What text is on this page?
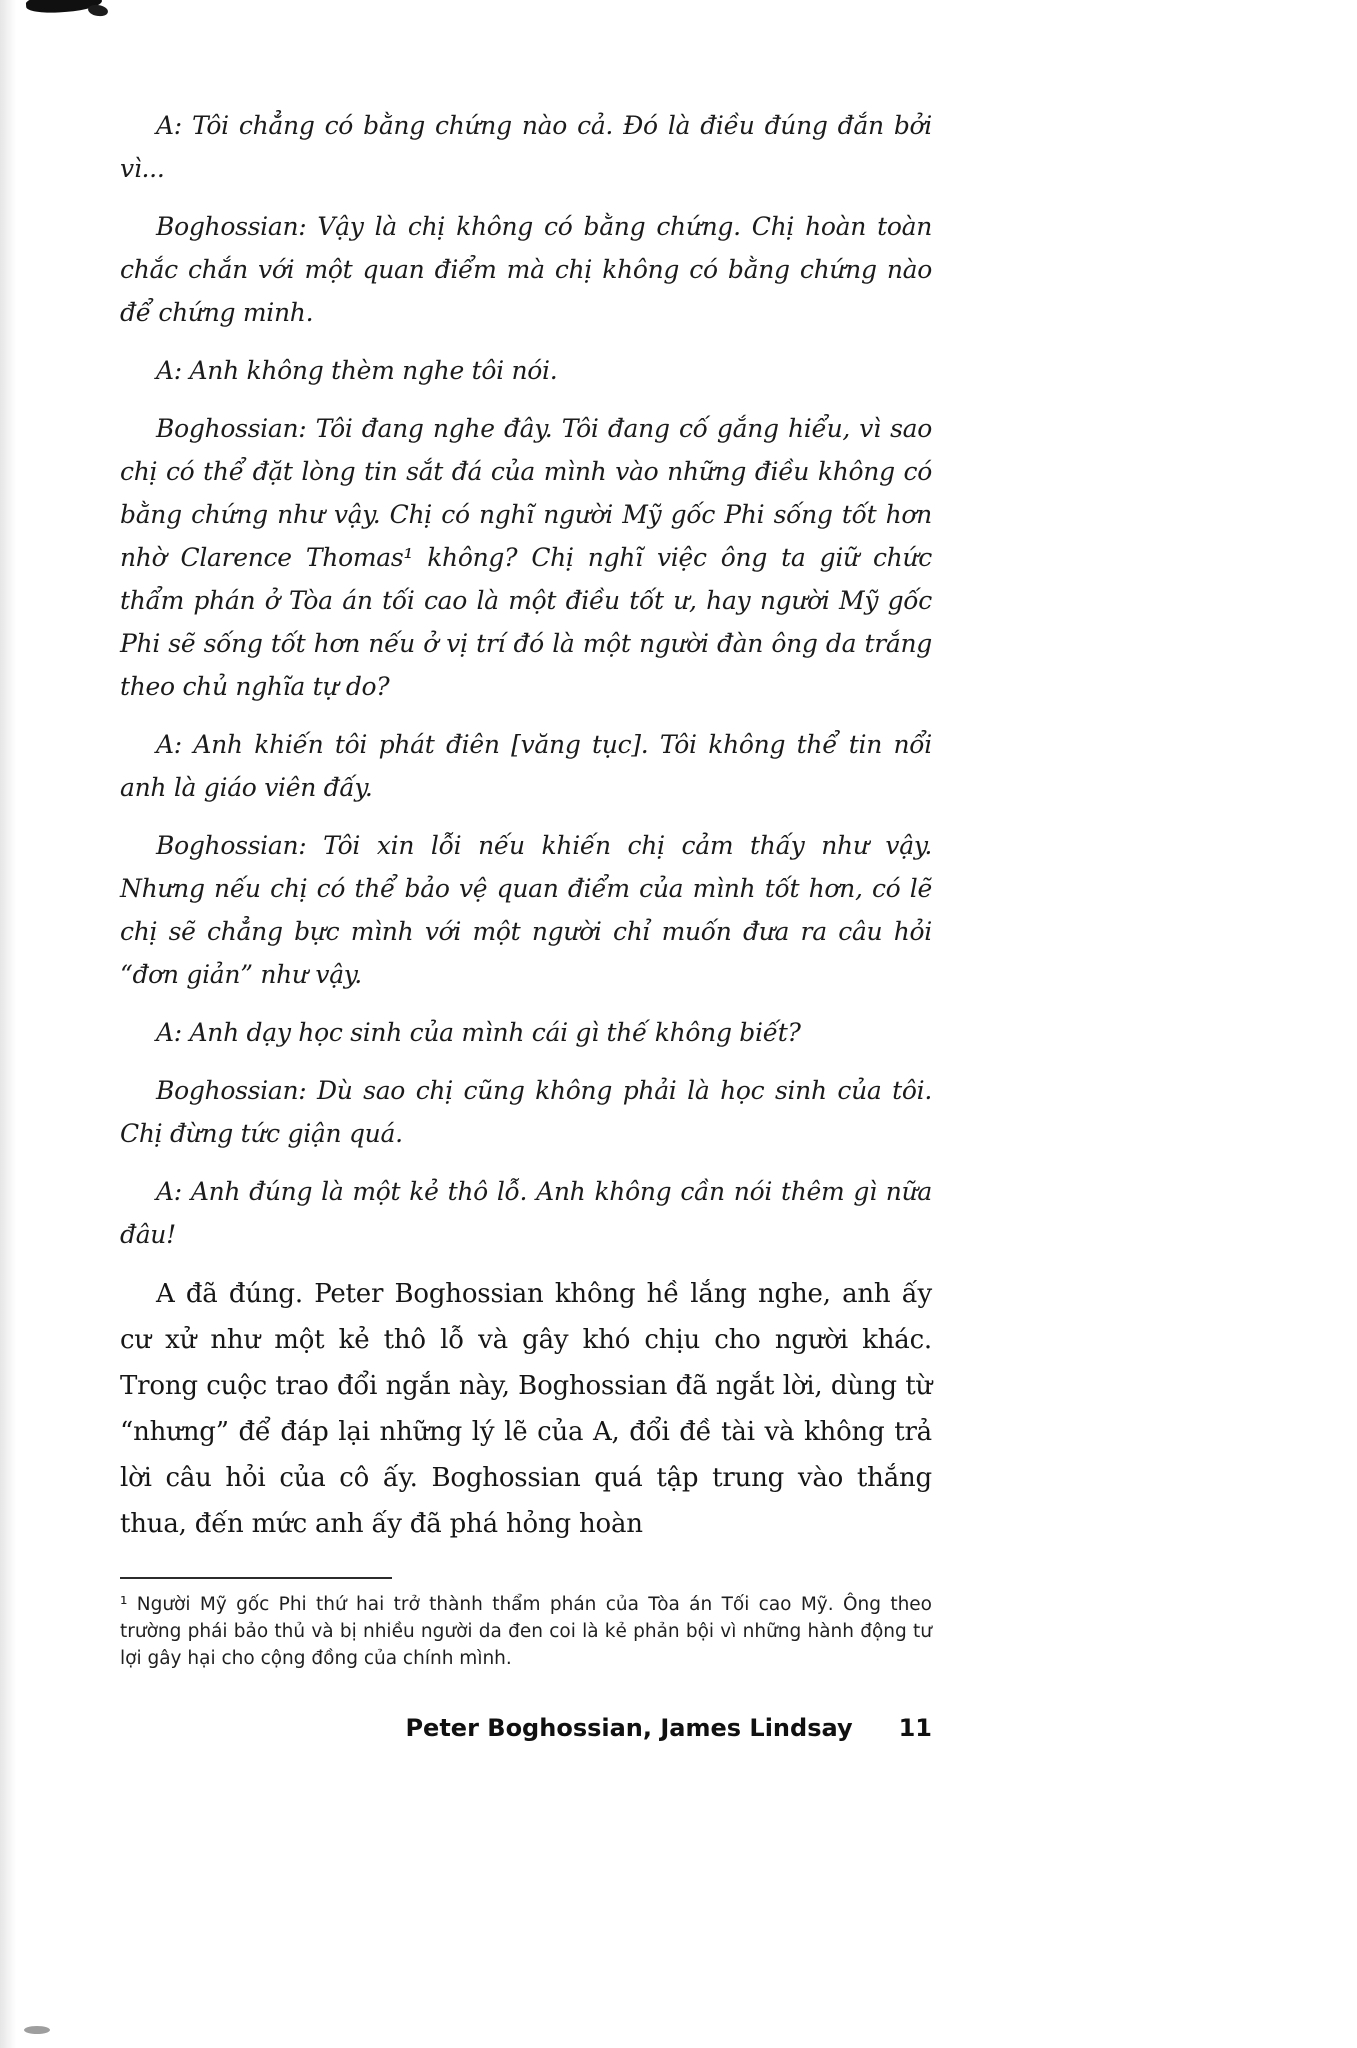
A: Tôi chẳng có bằng chứng nào cả. Đó là điều đúng đắn bởi vì...

Boghossian: Vậy là chị không có bằng chứng. Chị hoàn toàn chắc chắn với một quan điểm mà chị không có bằng chứng nào để chứng minh.

A: Anh không thèm nghe tôi nói.

Boghossian: Tôi đang nghe đây. Tôi đang cố gắng hiểu, vì sao chị có thể đặt lòng tin sắt đá của mình vào những điều không có bằng chứng như vậy. Chị có nghĩ người Mỹ gốc Phi sống tốt hơn nhờ Clarence Thomas¹ không? Chị nghĩ việc ông ta giữ chức thẩm phán ở Tòa án tối cao là một điều tốt ư, hay người Mỹ gốc Phi sẽ sống tốt hơn nếu ở vị trí đó là một người đàn ông da trắng theo chủ nghĩa tự do?

A: Anh khiến tôi phát điên [văng tục]. Tôi không thể tin nổi anh là giáo viên đấy.

Boghossian: Tôi xin lỗi nếu khiến chị cảm thấy như vậy. Nhưng nếu chị có thể bảo vệ quan điểm của mình tốt hơn, có lẽ chị sẽ chẳng bực mình với một người chỉ muốn đưa ra câu hỏi “đơn giản” như vậy.

A: Anh dạy học sinh của mình cái gì thế không biết?

Boghossian: Dù sao chị cũng không phải là học sinh của tôi. Chị đừng tức giận quá.

A: Anh đúng là một kẻ thô lỗ. Anh không cần nói thêm gì nữa đâu!

A đã đúng. Peter Boghossian không hề lắng nghe, anh ấy cư xử như một kẻ thô lỗ và gây khó chịu cho người khác. Trong cuộc trao đổi ngắn này, Boghossian đã ngắt lời, dùng từ “nhưng” để đáp lại những lý lẽ của A, đổi đề tài và không trả lời câu hỏi của cô ấy. Boghossian quá tập trung vào thắng thua, đến mức anh ấy đã phá hỏng hoàn

¹ Người Mỹ gốc Phi thứ hai trở thành thẩm phán của Tòa án Tối cao Mỹ. Ông theo trường phái bảo thủ và bị nhiều người da đen coi là kẻ phản bội vì những hành động tư lợi gây hại cho cộng đồng của chính mình.

Peter Boghossian, James Lindsay 11
